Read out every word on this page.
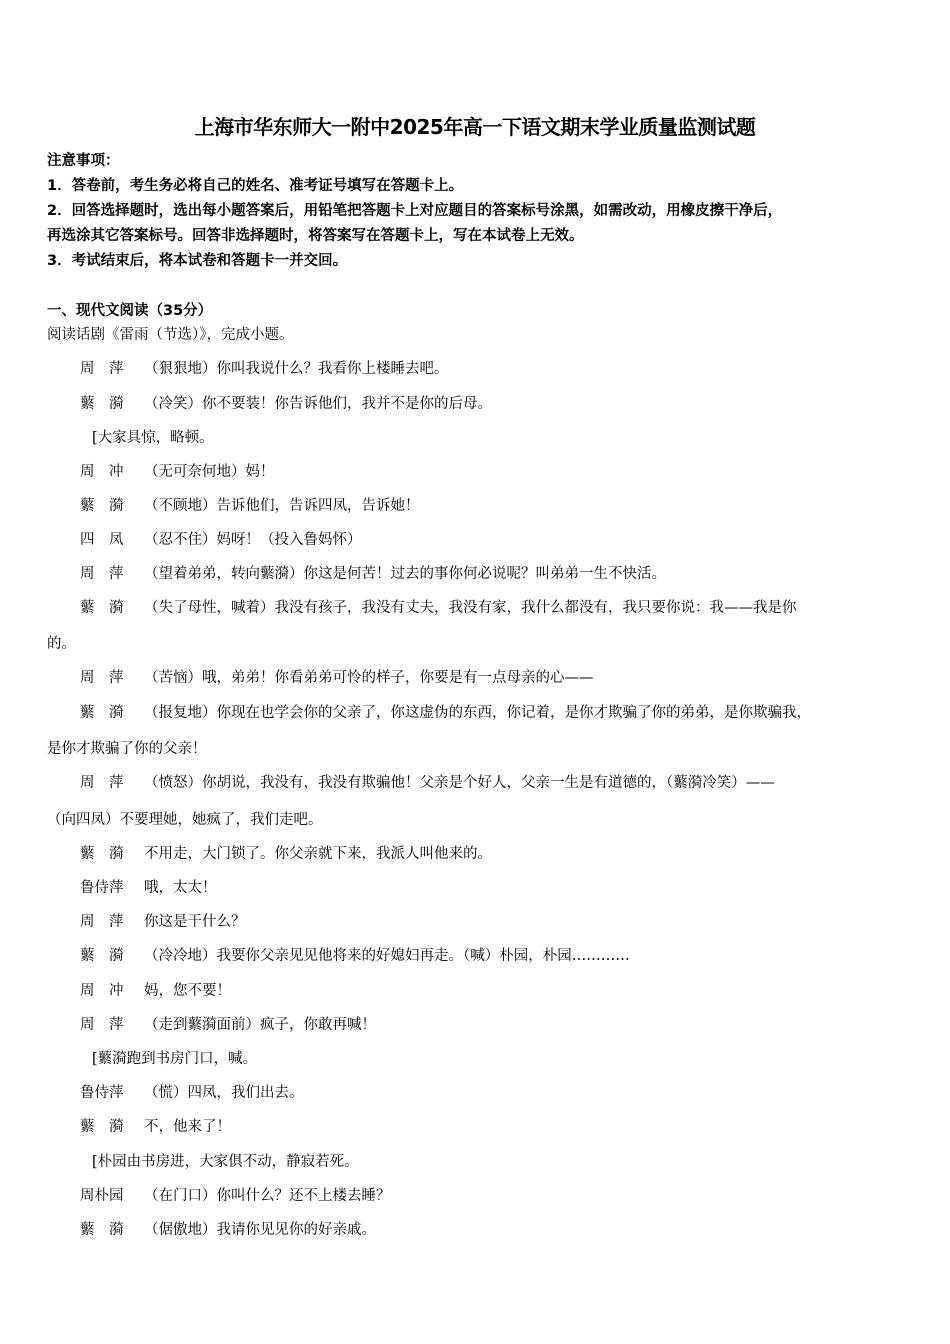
上海市华东师大一附中2025年高一下语文期末学业质量监测试题
注意事项：
1．答卷前，考生务必将自己的姓名、准考证号填写在答题卡上。
2．回答选择题时，选出每小题答案后，用铅笔把答题卡上对应题目的答案标号涂黑，如需改动，用橡皮擦干净后，
再选涂其它答案标号。回答非选择题时，将答案写在答题卡上，写在本试卷上无效。
3．考试结束后，将本试卷和答题卡一并交回。
一、现代文阅读（35分）
阅读话剧《雷雨（节选）》，完成小题。
周　萍 （狠狠地）你叫我说什么？我看你上楼睡去吧。
蘩　漪 （冷笑）你不要装！你告诉他们，我并不是你的后母。
[大家具惊，略顿。
周　冲 （无可奈何地）妈！
蘩　漪 （不顾地）告诉他们，告诉四凤，告诉她！
四　凤 （忍不住）妈呀！（投入鲁妈怀）
周　萍 （望着弟弟，转向蘩漪）你这是何苦！过去的事你何必说呢？叫弟弟一生不快活。
蘩　漪 （失了母性，喊着）我没有孩子，我没有丈夫，我没有家，我什么都没有，我只要你说：我——我是你
的。
周　萍 （苦恼）哦，弟弟！你看弟弟可怜的样子，你要是有一点母亲的心——
蘩　漪 （报复地）你现在也学会你的父亲了，你这虚伪的东西，你记着，是你才欺骗了你的弟弟，是你欺骗我，
是你才欺骗了你的父亲！
周　萍 （愤怒）你胡说，我没有，我没有欺骗他！父亲是个好人，父亲一生是有道德的，（蘩漪冷笑）——
（向四凤）不要理她，她疯了，我们走吧。
蘩　漪 不用走，大门锁了。你父亲就下来，我派人叫他来的。
鲁侍萍 哦，太太！
周　萍 你这是干什么？
蘩　漪 （冷冷地）我要你父亲见见他将来的好媳妇再走。（喊）朴园，朴园…………
周　冲 妈，您不要！
周　萍 （走到蘩漪面前）疯子，你敢再喊！
[蘩漪跑到书房门口，喊。
鲁侍萍 （慌）四凤，我们出去。
蘩　漪 不，他来了！
[朴园由书房进，大家俱不动，静寂若死。
周朴园 （在门口）你叫什么？还不上楼去睡？
蘩　漪 （倨傲地）我请你见见你的好亲戚。
